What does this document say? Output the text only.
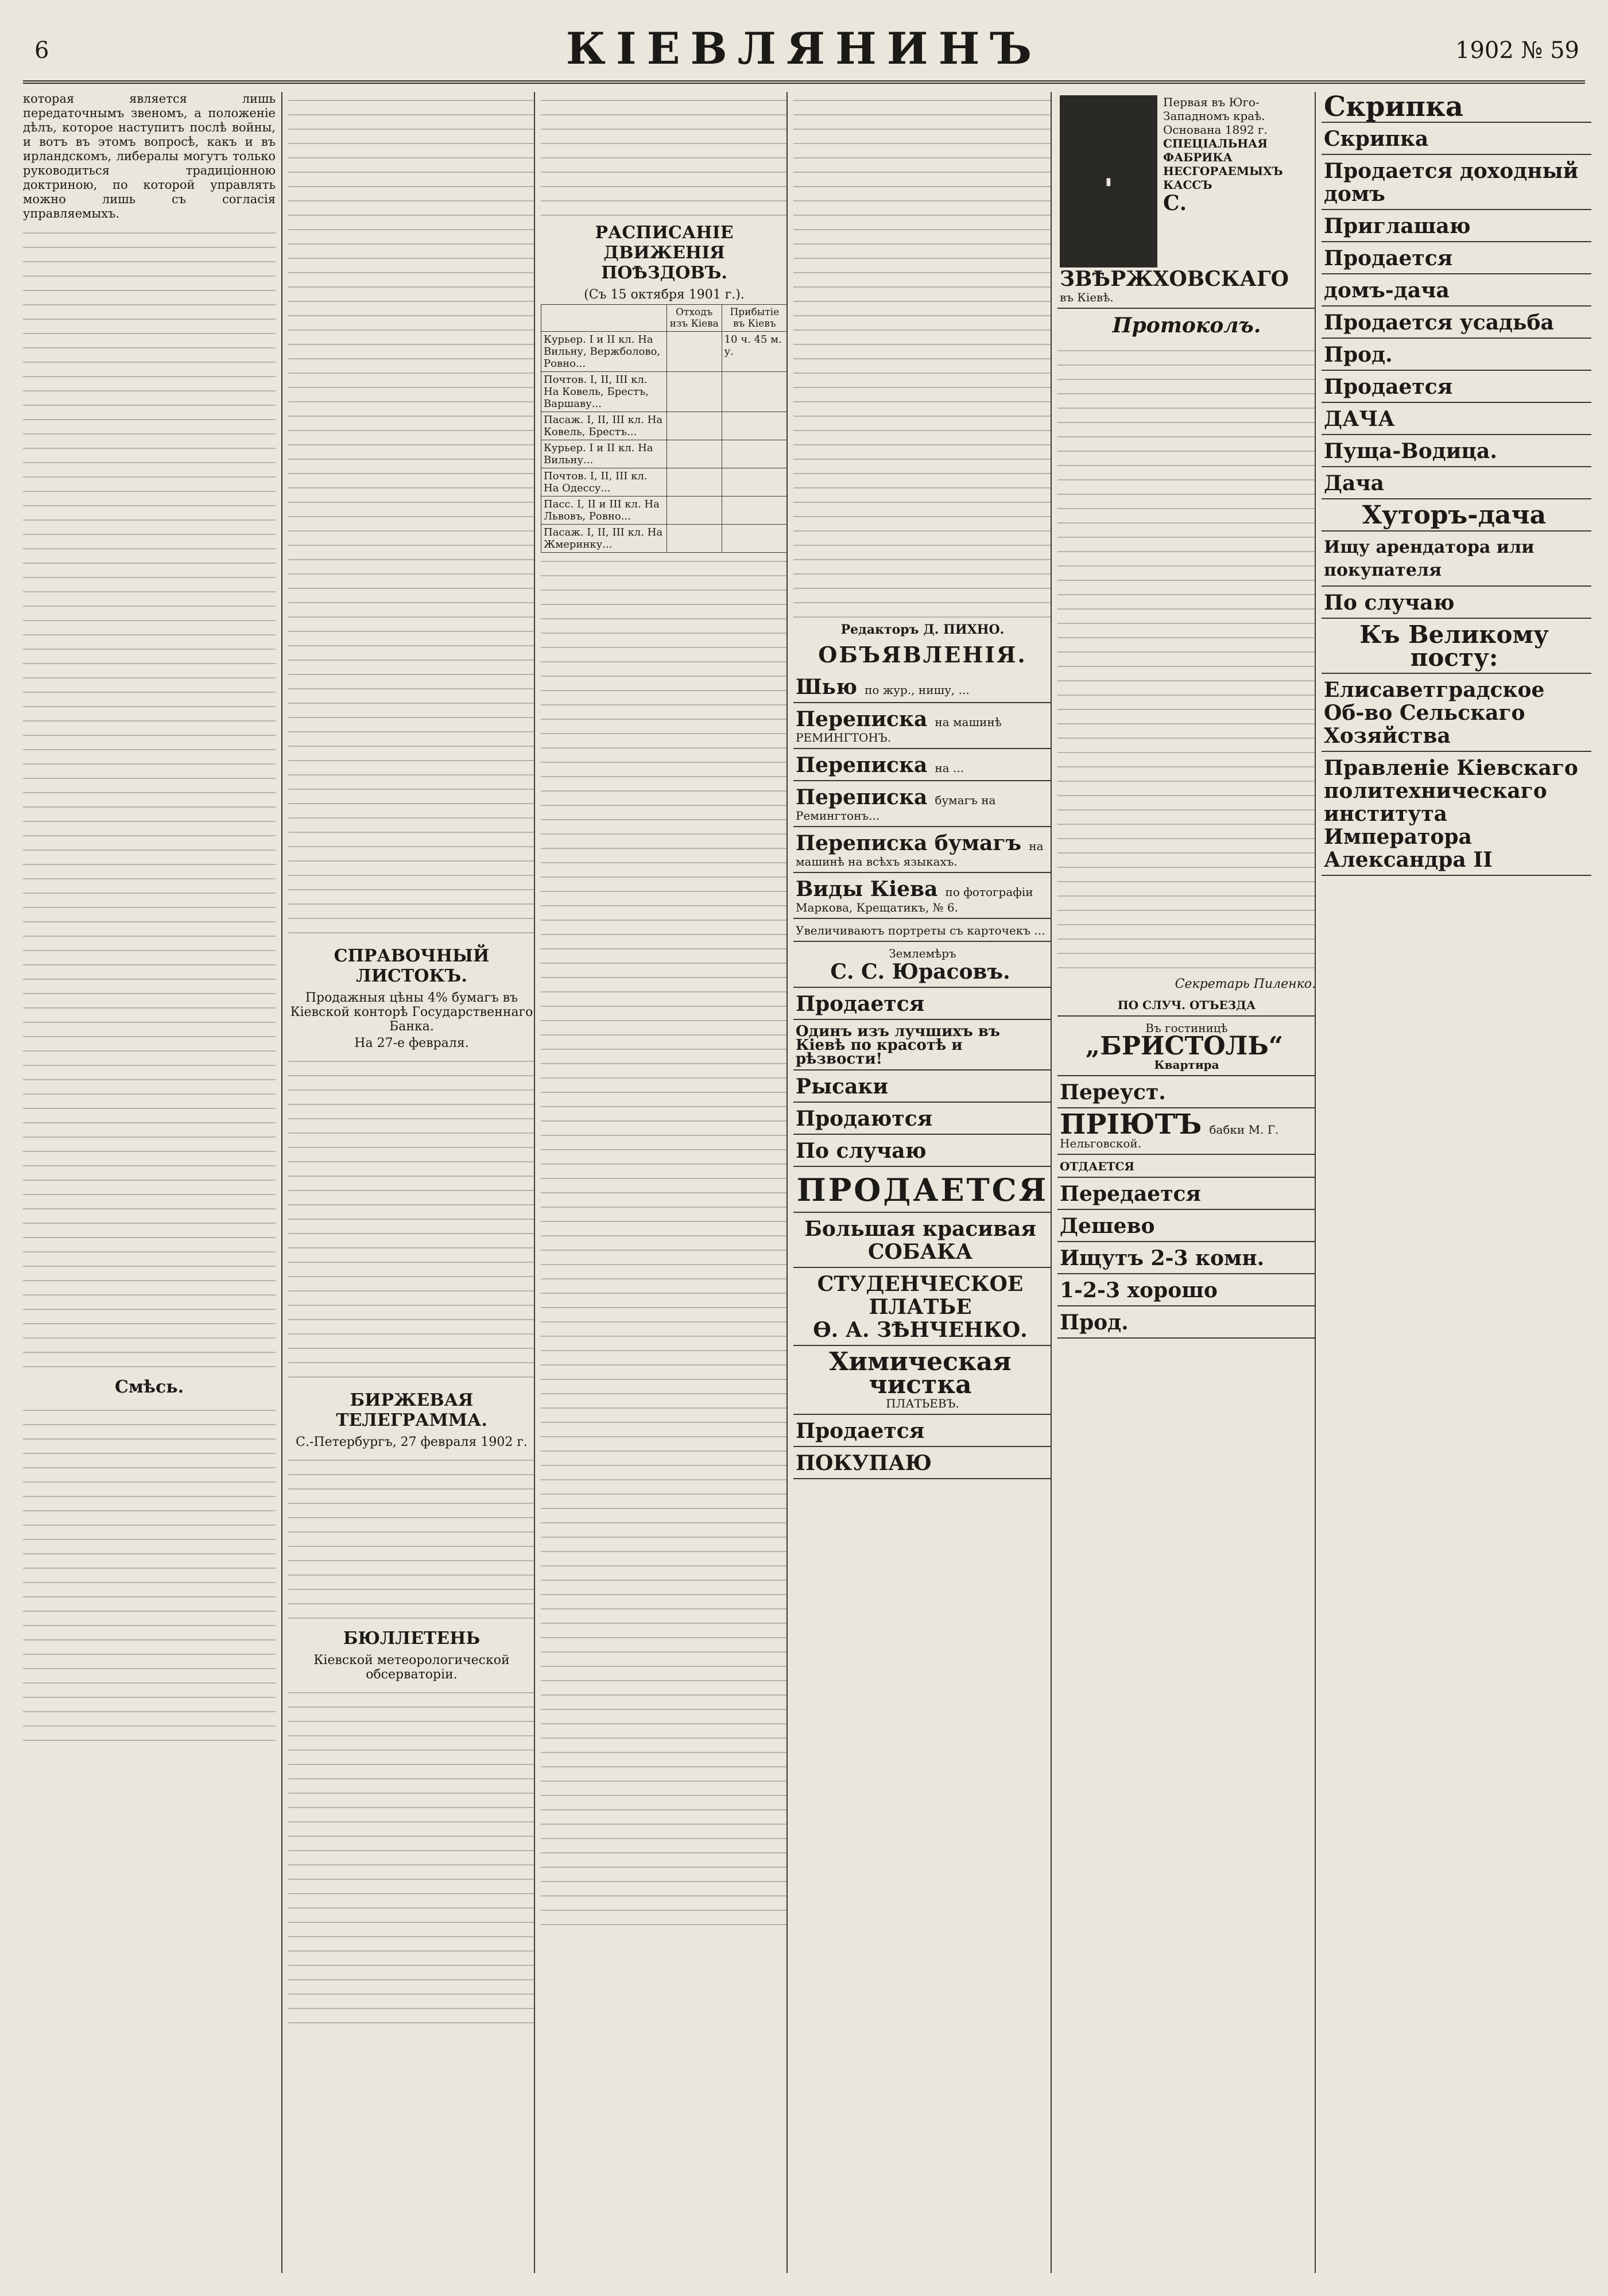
6	КІЕВЛЯНИНЪ	1902 № 59

которая является лишь передаточнымъ звеномъ, а положеніе дѣлъ, которое наступитъ послѣ войны, и вотъ въ этомъ вопросѣ, какъ и въ ирландскомъ, либералы могутъ только руководиться традиціонною доктриною, по которой управлять можно лишь съ согласія управляемыхъ.

Смѣсь.
СПРАВОЧНЫЙ ЛИСТОКЪ.
Продажныя цѣны 4% бумагъ въ Кіевской конторѣ Государственнаго Банка.
На 27-е февраля.
БИРЖЕВАЯ ТЕЛЕГРАММА.
С.-Петербургъ, 27 февраля 1902 г.
БЮЛЛЕТЕНЬ
Кіевской метеорологической обсерваторіи.
РАСПИСАНІЕ ДВИЖЕНІЯ ПОѢЗДОВЪ.
(Съ 15 октября 1901 г.).
	Отходъ изъ Кіева	Прибытіе въ Кіевъ
Курьер. I и II кл. На Вильну, Вержболово, Ровно...		10 ч. 45 м. у.
Почтов. I, II, III кл. На Ковель, Брестъ, Варшаву...		
Пасаж. I, II, III кл. На Ковель, Брестъ...		
Курьер. I и II кл. На Вильну...		
Почтов. I, II, III кл. На Одессу...		
Пасс. I, II и III кл. На Львовъ, Ровно...		
Пасаж. I, II, III кл. На Жмеринку...		
Редакторъ Д. ПИХНО.
ОБЪЯВЛЕНІЯ.
Шью по жур., нишу, ...
Переписка на машинѣ РЕМИНГТОНЪ.
Переписка на ...
Переписка бумагъ на Ремингтонъ...
Переписка бумагъ на машинѣ на всѣхъ языкахъ.
Виды Кіева по фотографіи Маркова, Крещатикъ, № 6.
Увеличиваютъ портреты съ карточекъ ...
Землемѣръ
С. С. Юрасовъ.
Продается
Одинъ изъ лучшихъ въ Кіевѣ по красотѣ и рѣзвости!
Рысаки
Продаются
По случаю
ПРОДАЕТСЯ
Большая красивая СОБАКА
СТУДЕНЧЕСКОЕ ПЛАТЬЕ
Ѳ. А. ЗѢНЧЕНКО.
Химическая чистка
ПЛАТЬЕВЪ.
Продается
ПОКУПАЮ
▮
Первая въ Юго-Западномъ краѣ. Основана 1892 г.
СПЕЦІАЛЬНАЯ ФАБРИКА НЕСГОРАЕМЫХЪ КАССЪ
С. ЗВѢРЖХОВСКАГО
въ Кіевѣ.
Протоколъ.
Секретарь Пиленко.
ПО СЛУЧ. ОТЪЕЗДА
Въ гостиницѣ
„БРИСТОЛЬ“
Квартира
Переуст.
ПРІЮТЪ бабки М. Г. Нельговской.
ОТДАЕТСЯ
Передается
Дешево
Ищутъ 2-3 комн.
1-2-3 хорошо
Прод.
Скрипка
Скрипка
Продается доходный домъ
Приглашаю
Продается
домъ-дача
Продается усадьба
Прод.
Продается
ДАЧА
Пуща-Водица.
Дача
Хуторъ-дача
Ищу арендатора или покупателя
По случаю
Къ Великому посту:
Елисаветградское Об-во Сельскаго Хозяйства
Правленіе Кіевскаго политехническаго института Императора Александра II
